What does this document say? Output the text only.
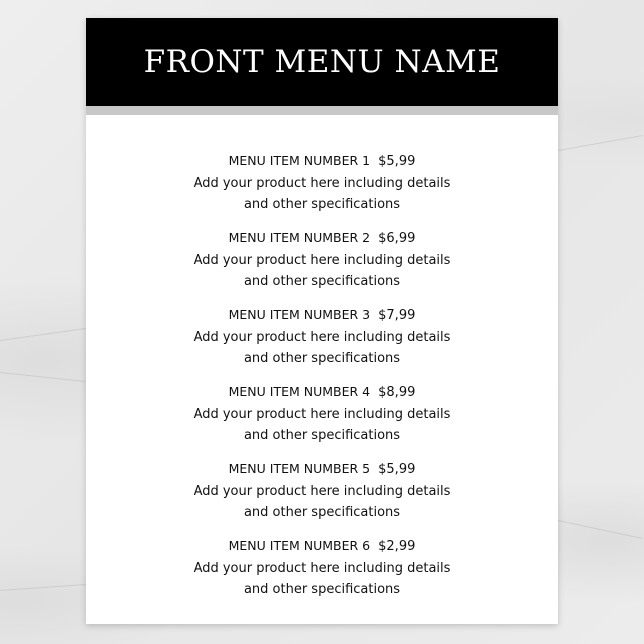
FRONT MENU NAME
MENU ITEM NUMBER 1 $5,99
Add your product here including details
and other specifications
MENU ITEM NUMBER 2 $6,99
Add your product here including details
and other specifications
MENU ITEM NUMBER 3 $7,99
Add your product here including details
and other specifications
MENU ITEM NUMBER 4 $8,99
Add your product here including details
and other specifications
MENU ITEM NUMBER 5 $5,99
Add your product here including details
and other specifications
MENU ITEM NUMBER 6 $2,99
Add your product here including details
and other specifications
